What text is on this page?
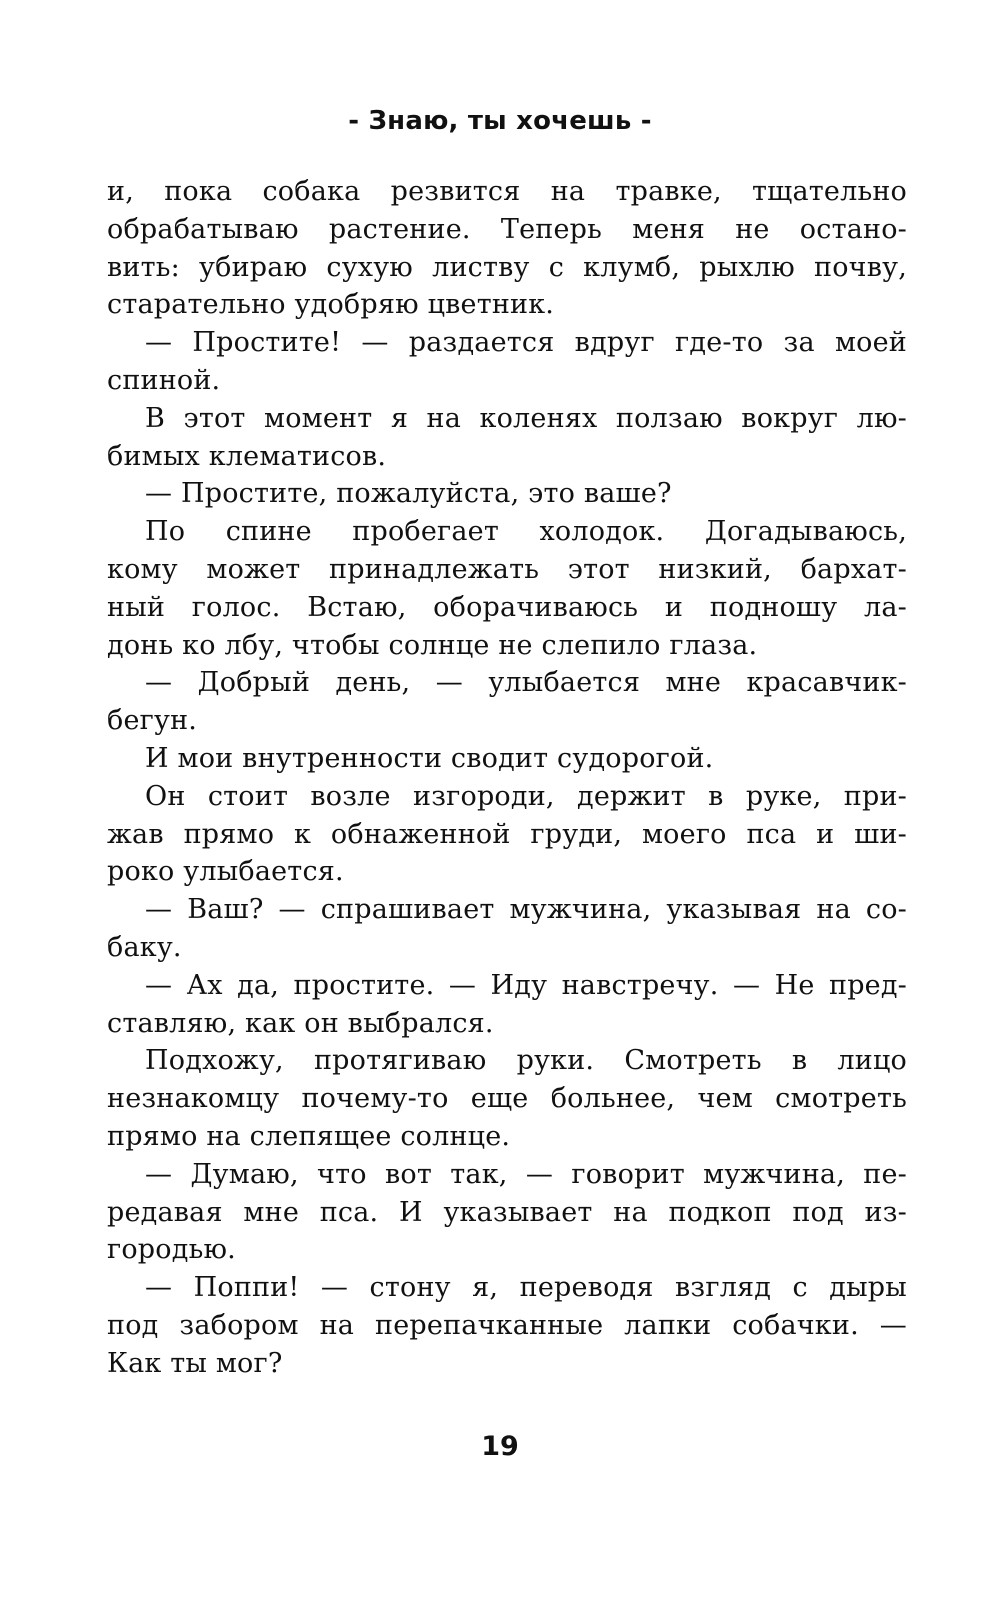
- Знаю, ты хочешь -
и, пока собака резвится на травке, тщательно
обрабатываю растение. Теперь меня не остано-
вить: убираю сухую листву с клумб, рыхлю почву,
старательно удобряю цветник.
— Простите! — раздается вдруг где-то за моей
спиной.
В этот момент я на коленях ползаю вокруг лю-
бимых клематисов.
— Простите, пожалуйста, это ваше?
По спине пробегает холодок. Догадываюсь,
кому может принадлежать этот низкий, бархат-
ный голос. Встаю, оборачиваюсь и подношу ла-
донь ко лбу, чтобы солнце не слепило глаза.
— Добрый день, — улыбается мне красавчик-
бегун.
И мои внутренности сводит судорогой.
Он стоит возле изгороди, держит в руке, при-
жав прямо к обнаженной груди, моего пса и ши-
роко улыбается.
— Ваш? — спрашивает мужчина, указывая на со-
баку.
— Ах да, простите. — Иду навстречу. — Не пред-
ставляю, как он выбрался.
Подхожу, протягиваю руки. Смотреть в лицо
незнакомцу почему-то еще больнее, чем смотреть
прямо на слепящее солнце.
— Думаю, что вот так, — говорит мужчина, пе-
редавая мне пса. И указывает на подкоп под из-
городью.
— Поппи! — стону я, переводя взгляд с дыры
под забором на перепачканные лапки собачки. —
Как ты мог?
19
